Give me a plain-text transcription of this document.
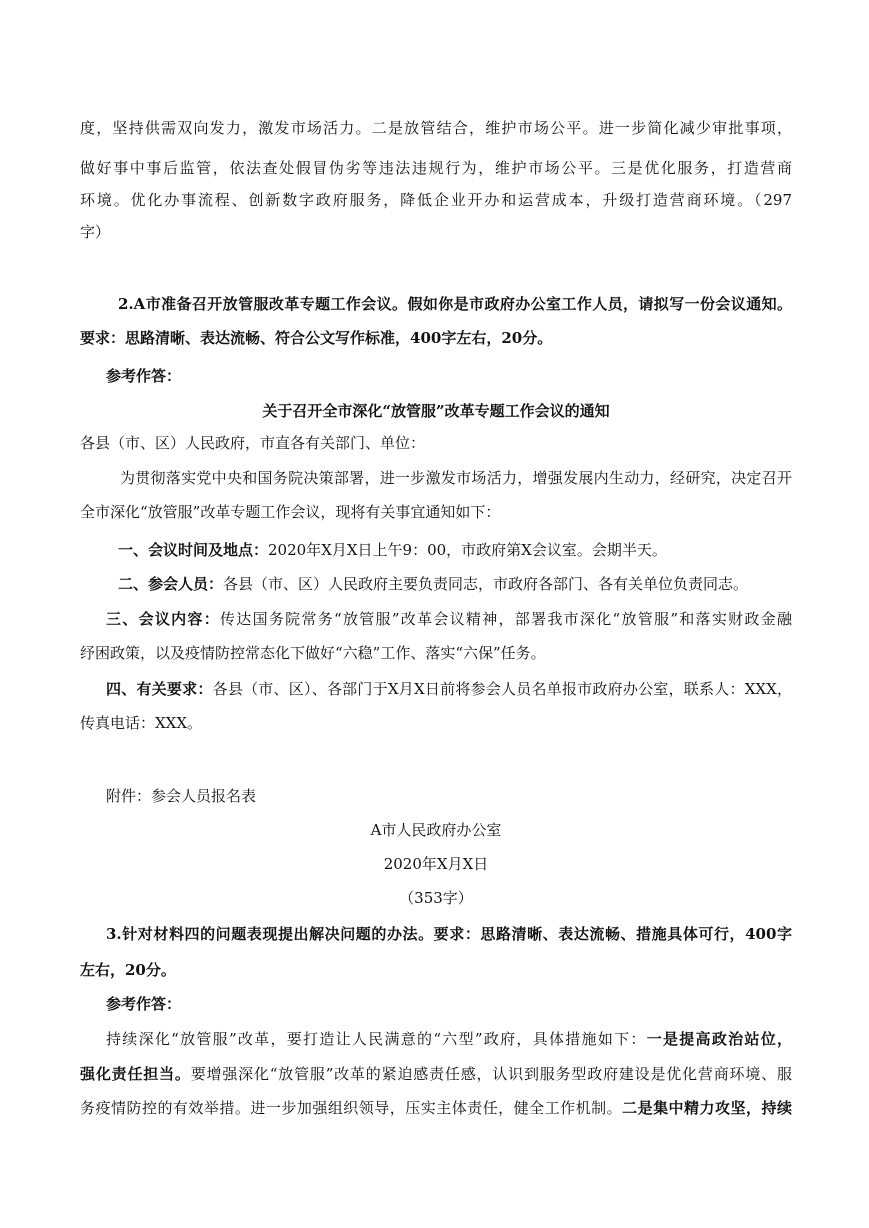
度，坚持供需双向发力，激发市场活力。二是放管结合，维护市场公平。进一步简化减少审批事项，

做好事中事后监管，依法查处假冒伪劣等违法违规行为，维护市场公平。三是优化服务，打造营商

环境。优化办事流程、创新数字政府服务，降低企业开办和运营成本，升级打造营商环境。（297

字）

2.A市准备召开放管服改革专题工作会议。假如你是市政府办公室工作人员，请拟写一份会议通知。

要求：思路清晰、表达流畅、符合公文写作标准，400字左右，20分。

参考作答：

关于召开全市深化“放管服”改革专题工作会议的通知

各县（市、区）人民政府，市直各有关部门、单位：

为贯彻落实党中央和国务院决策部署，进一步激发市场活力，增强发展内生动力，经研究，决定召开

全市深化“放管服”改革专题工作会议，现将有关事宜通知如下：

一、会议时间及地点：2020年X月X日上午9：00，市政府第X会议室。会期半天。

二、参会人员：各县（市、区）人民政府主要负责同志，市政府各部门、各有关单位负责同志。

三、会议内容：传达国务院常务“放管服”改革会议精神，部署我市深化“放管服”和落实财政金融

纾困政策，以及疫情防控常态化下做好“六稳”工作、落实“六保”任务。

四、有关要求：各县（市、区）、各部门于X月X日前将参会人员名单报市政府办公室，联系人：XXX，

传真电话：XXX。

附件：参会人员报名表

A市人民政府办公室

2020年X月X日

（353字）

3.针对材料四的问题表现提出解决问题的办法。要求：思路清晰、表达流畅、措施具体可行，400字

左右，20分。

参考作答：

持续深化“放管服”改革，要打造让人民满意的“六型”政府，具体措施如下：一是提高政治站位，

强化责任担当。要增强深化“放管服”改革的紧迫感责任感，认识到服务型政府建设是优化营商环境、服

务疫情防控的有效举措。进一步加强组织领导，压实主体责任，健全工作机制。二是集中精力攻坚，持续
